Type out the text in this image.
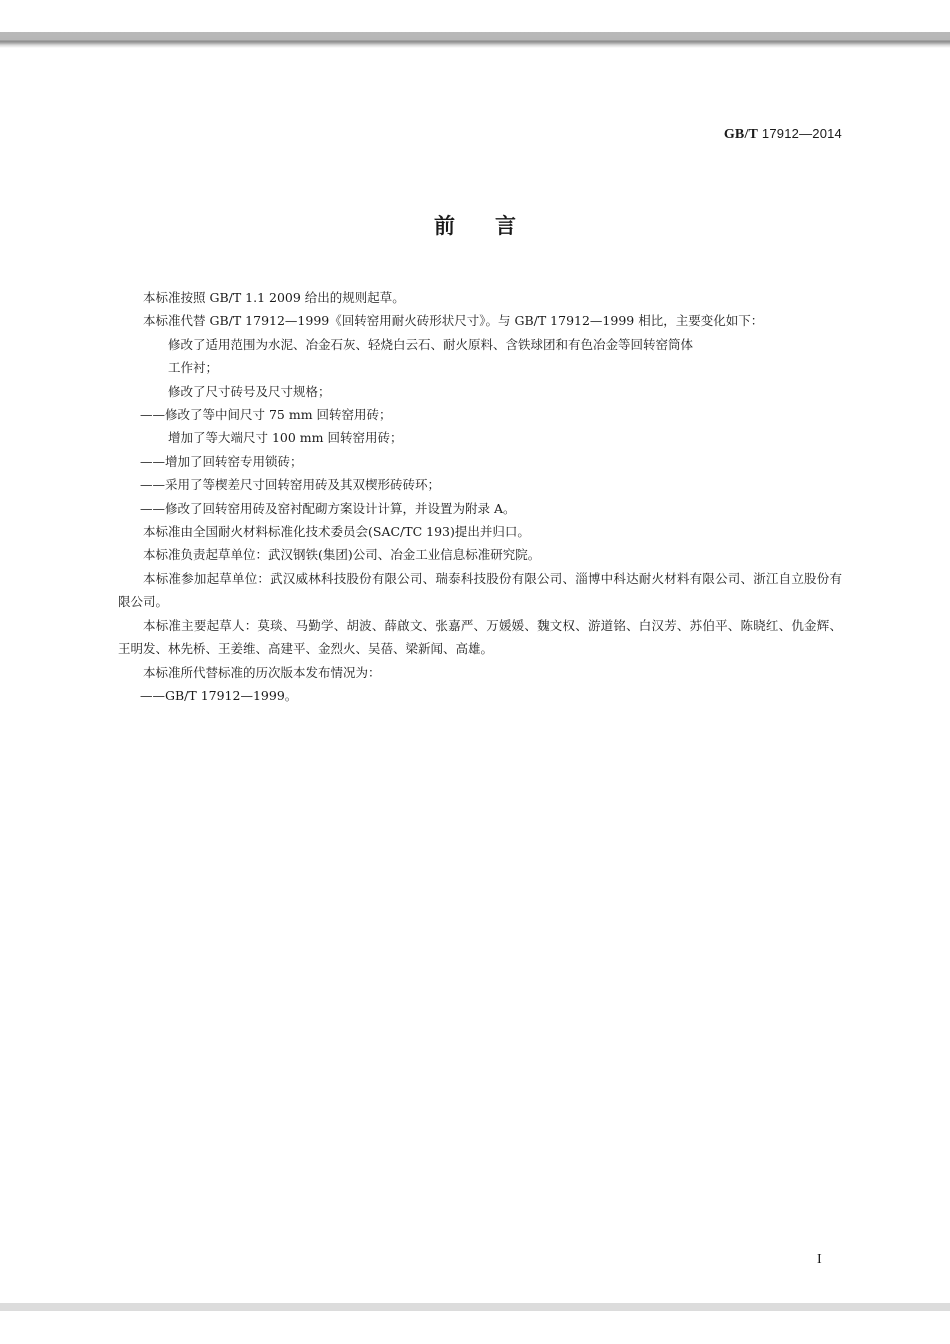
GB/T 17912—2014
前言

本标准按照 GB/T 1.1 2009 给出的规则起草。

本标准代替 GB/T 17912—1999《回转窑用耐火砖形状尺寸》。与 GB/T 17912—1999 相比，主要变化如下：

修改了适用范围为水泥、冶金石灰、轻烧白云石、耐火原料、含铁球团和有色冶金等回转窑筒体
工作衬；

修改了尺寸砖号及尺寸规格；

——修改了等中间尺寸 75 mm 回转窑用砖；

增加了等大端尺寸 100 mm 回转窑用砖；

——增加了回转窑专用锁砖；

——采用了等楔差尺寸回转窑用砖及其双楔形砖砖环；

——修改了回转窑用砖及窑衬配砌方案设计计算，并设置为附录 A。

本标准由全国耐火材料标准化技术委员会(SAC/TC 193)提出并归口。

本标准负责起草单位：武汉钢铁(集团)公司、冶金工业信息标准研究院。

本标准参加起草单位：武汉威林科技股份有限公司、瑞泰科技股份有限公司、淄博中科达耐火材料有限公司、浙江自立股份有限公司。

本标准主要起草人：莫琰、马勤学、胡波、薛啟文、张嘉严、万媛媛、魏文权、游道铭、白汉芳、苏伯平、陈晓红、仇金辉、王明发、林先桥、王姜维、高建平、金烈火、吴蓓、梁新闻、高雄。

本标准所代替标准的历次版本发布情况为：

——GB/T 17912—1999。

I
